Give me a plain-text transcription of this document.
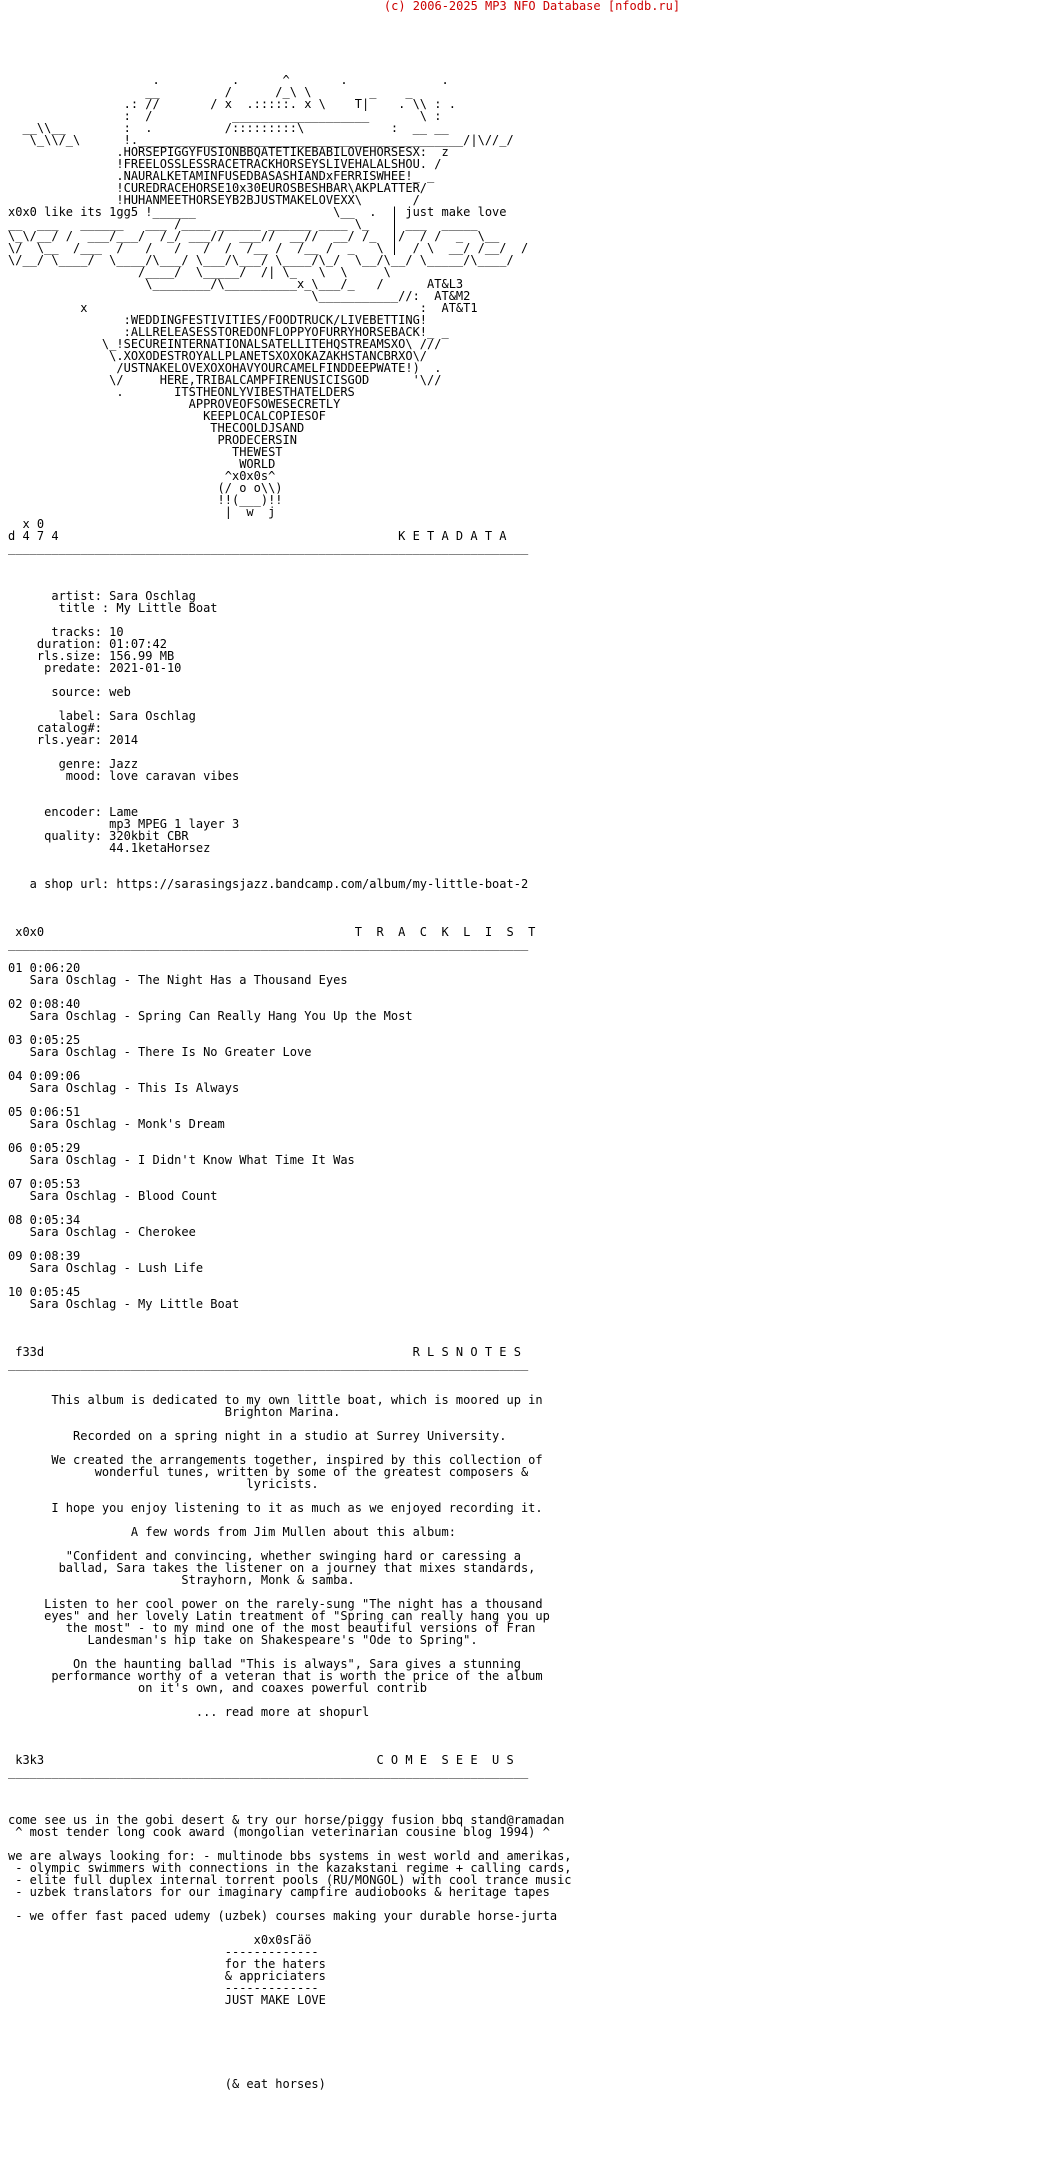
(c) 2006-2025 MP3 NFO Database [nfodb.ru]

.          .      ^       .             .
__         /      /_\ \        _    _
.: //       / x  .:::::. x \    T|    . \\ : .
:  /           ___________________       \ :
__\\__        :  .          /:::::::::\            :  __ __
\_\\/_\      !._____________________________________________/|\//_/
.HORSEPIGGYFUSIONBBQATETIKEBABILOVEHORSESX:  z
!FREELOSSLESSRACETRACKHORSEYSLIVEHALALSHOU. /
.NAURALKETAMINFUSEDBASASHIANDxFERRISWHEE!_ _
!CUREDRACEHORSE10x30EUROSBESHBAR\AKPLATTER/
!HUHANMEETHORSEYB2BJUSTMAKELOVEXX\       /
x0x0 like its 1gg5 !______                   \__  .  | just make love
__  ___   ______   ___ /____ ______ ______ ____ \_   | ___  _____
\_\/__/ /  ___/___/  /_/ ___//  ___//  __//  __/ /_  |/  / /  _  \__
\/  \__  /___  /   /   /   /  /  /__ /  /__ /  _   \ |  / \  __/ /__/  /
\/__/ \____/  \____/\___/ \___/\___/ \____/\_/  \__/\__/ \_____/\____/
/____/  \_____/  /| \_   \  \     \
\________/\__________x_\___/_   /      AT&L3
\___________//:  AT&M2
x                                              :  AT&T1
:WEDDINGFESTIVITIES/FOODTRUCK/LIVEBETTING!
:ALLRELEASESSTOREDONFLOPPYOFURRYHORSEBACK!_ _
\_!SECUREINTERNATIONALSATELLITEHQSTREAMSXO\ ///
\.XOXODESTROYALLPLANETSXOXOKAZAKHSTANCBRXO\/
/USTNAKELOVEXOXOHAVYOURCAMELFINDDEEPWATE!)  .
\/     HERE,TRIBALCAMPFIRENUSICISGOD      '\//
.       ITSTHEONLYVIBESTHATELDERS
APPROVEOFSOWESECRETLY
KEEPLOCALCOPIESOF
THECOOLDJSAND
PRODECERSIN
THEWEST
WORLD
^x0x0s^
(/ o o\\)
!!(___)!!
|  w  j
x 0
d 4 7 4                                               K E T A D A T A
________________________________________________________________________

artist: Sara Oschlag
title : My Little Boat

tracks: 10
duration: 01:07:42
rls.size: 156.99 MB
predate: 2021-01-10

source: web

label: Sara Oschlag
catalog#:
rls.year: 2014

genre: Jazz
mood: love caravan vibes

encoder: Lame
mp3 MPEG 1 layer 3
quality: 320kbit CBR
44.1ketaHorsez

a shop url: https://sarasingsjazz.bandcamp.com/album/my-little-boat-2

x0x0                                           T  R  A  C  K  L  I  S  T
________________________________________________________________________

01 0:06:20
Sara Oschlag - The Night Has a Thousand Eyes

02 0:08:40
Sara Oschlag - Spring Can Really Hang You Up the Most

03 0:05:25
Sara Oschlag - There Is No Greater Love

04 0:09:06
Sara Oschlag - This Is Always

05 0:06:51
Sara Oschlag - Monk's Dream

06 0:05:29
Sara Oschlag - I Didn't Know What Time It Was

07 0:05:53
Sara Oschlag - Blood Count

08 0:05:34
Sara Oschlag - Cherokee

09 0:08:39
Sara Oschlag - Lush Life

10 0:05:45
Sara Oschlag - My Little Boat

f33d                                                   R L S N O T E S
________________________________________________________________________

This album is dedicated to my own little boat, which is moored up in
Brighton Marina.

Recorded on a spring night in a studio at Surrey University.

We created the arrangements together, inspired by this collection of
wonderful tunes, written by some of the greatest composers &
lyricists.

I hope you enjoy listening to it as much as we enjoyed recording it.

A few words from Jim Mullen about this album:

"Confident and convincing, whether swinging hard or caressing a
ballad, Sara takes the listener on a journey that mixes standards,
Strayhorn, Monk & samba.

Listen to her cool power on the rarely-sung "The night has a thousand
eyes" and her lovely Latin treatment of "Spring can really hang you up
the most" - to my mind one of the most beautiful versions of Fran
Landesman's hip take on Shakespeare's "Ode to Spring".

On the haunting ballad "This is always", Sara gives a stunning
performance worthy of a veteran that is worth the price of the album
on it's own, and coaxes powerful contrib

... read more at shopurl

k3k3                                              C O M E  S E E  U S
________________________________________________________________________

come see us in the gobi desert & try our horse/piggy fusion bbq stand@ramadan
^ most tender long cook award (mongolian veterinarian cousine blog 1994) ^

we are always looking for: - multinode bbs systems in west world and amerikas,
- olympic swimmers with connections in the kazakstani regime + calling cards,
- elite full duplex internal torrent pools (RU/MONGOL) with cool trance music
- uzbek translators for our imaginary campfire audiobooks & heritage tapes

- we offer fast paced udemy (uzbek) courses making your durable horse-jurta

x0x0sГäö
-------------
for the haters
& appriciaters
-------------
JUST MAKE LOVE

(& eat horses)
